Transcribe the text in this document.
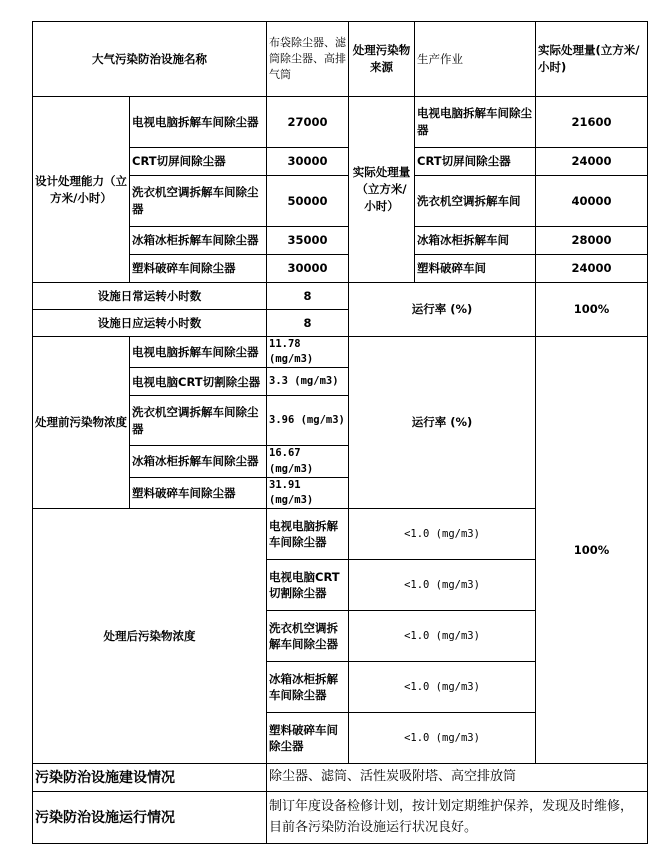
大气污染防治设施名称		布袋除尘器、滤筒除尘器、高排气筒	处理污染物来源	生产作业	实际处理量(立方米/小时)
设计处理能力（立方米/小时）	电视电脑拆解车间除尘器	27000	实际处理量（立方米/小时）	电视电脑拆解车间除尘器	21600
	CRT切屏间除尘器	30000		CRT切屏间除尘器	24000
	洗衣机空调拆解车间除尘器	50000		洗衣机空调拆解车间	40000
	冰箱冰柜拆解车间除尘器	35000		冰箱冰柜拆解车间	28000
	塑料破碎车间除尘器	30000		塑料破碎车间	24000
设施日常运转小时数		8	运行率 (%)		100%
设施日应运转小时数		8			
处理前污染物浓度	电视电脑拆解车间除尘器	11.78 (mg/m3)	运行率 (%)		100%
	电视电脑CRT切割除尘器	3.3 (mg/m3)			
	洗衣机空调拆解车间除尘器	3.96 (mg/m3)			
	冰箱冰柜拆解车间除尘器	16.67 (mg/m3)			
	塑料破碎车间除尘器	31.91 (mg/m3)			
处理后污染物浓度		电视电脑拆解车间除尘器	<1.0 (mg/m3)		
		电视电脑CRT切割除尘器	<1.0 (mg/m3)		
		洗衣机空调拆解车间除尘器	<1.0 (mg/m3)		
		冰箱冰柜拆解车间除尘器	<1.0 (mg/m3)		
		塑料破碎车间除尘器	<1.0 (mg/m3)		
污染防治设施建设情况		除尘器、滤筒、活性炭吸附塔、高空排放筒			
污染防治设施运行情况		制订年度设备检修计划，按计划定期维护保养，发现及时维修，目前各污染防治设施运行状况良好。			
